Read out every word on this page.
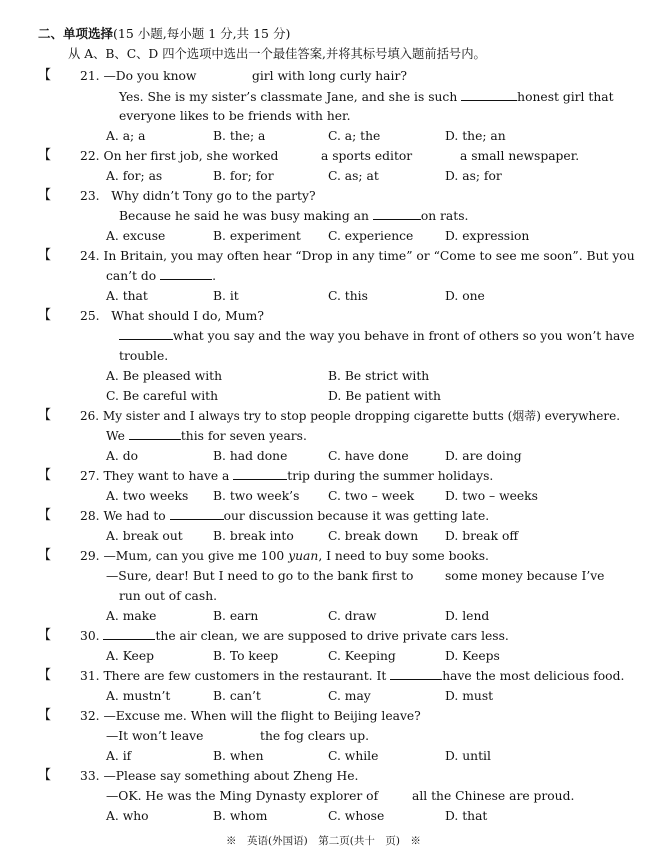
二、单项选择(15 小题,每小题 1 分,共 15 分)
从 A、B、C、D 四个选项中选出一个最佳答案,并将其标号填入题前括号内。
【 21. —Do you know	girl with long curly hair?
Yes. She is my sister’s classmate Jane, and she is such	honest girl that
everyone likes to be friends with her.
A. a; a	B. the; a	C. a; the	D. the; an
【 22. On her first job, she worked	a sports editor	a small newspaper.
A. for; as	B. for; for	C. as; at	D. as; for
【 23. Why didn’t Tony go to the party?
Because he said he was busy making an	on rats.
A. excuse	B. experiment C. experience	D. expression
【 24. In Britain, you may often hear “Drop in any time” or “Come to see me soon”. But you
can’t do	.
A. that	B. it	C. this	D. one
【 25. What should I do, Mum?
what you say and the way you behave in front of others so you won’t have
trouble.
A. Be pleased with	B. Be strict with
C. Be careful with	D. Be patient with
【 26. My sister and I always try to stop people dropping cigarette butts (烟蒂) everywhere.
We	this for seven years.
A. do	B. had done	C. have done	D. are doing
【 27. They want to have a	trip during the summer holidays.
A. two weeks B. two week’s C. two – week	D. two – weeks
【 28. We had to	our discussion because it was getting late.
A. break out B. break into	C. break down D. break off
【 29. —Mum, can you give me 100 yuan, I need to buy some books.
—Sure, dear! But I need to go to the bank first to	some money because I’ve
run out of cash.
A. make	B. earn	C. draw	D. lend
【 30.	the air clean, we are supposed to drive private cars less.
A. Keep	B. To keep	C. Keeping	D. Keeps
【 31. There are few customers in the restaurant. It	have the most delicious food.
A. mustn’t	B. can’t	C. may	D. must
【 32. —Excuse me. When will the flight to Beijing leave?
—It won’t leave	the fog clears up.
A. if	B. when	C. while	D. until
【 33. —Please say something about Zheng He.
—OK. He was the Ming Dynasty explorer of	all the Chinese are proud.
A. who	B. whom	C. whose	D. that
※　英语(外国语)　第二页(共十　页)　※
